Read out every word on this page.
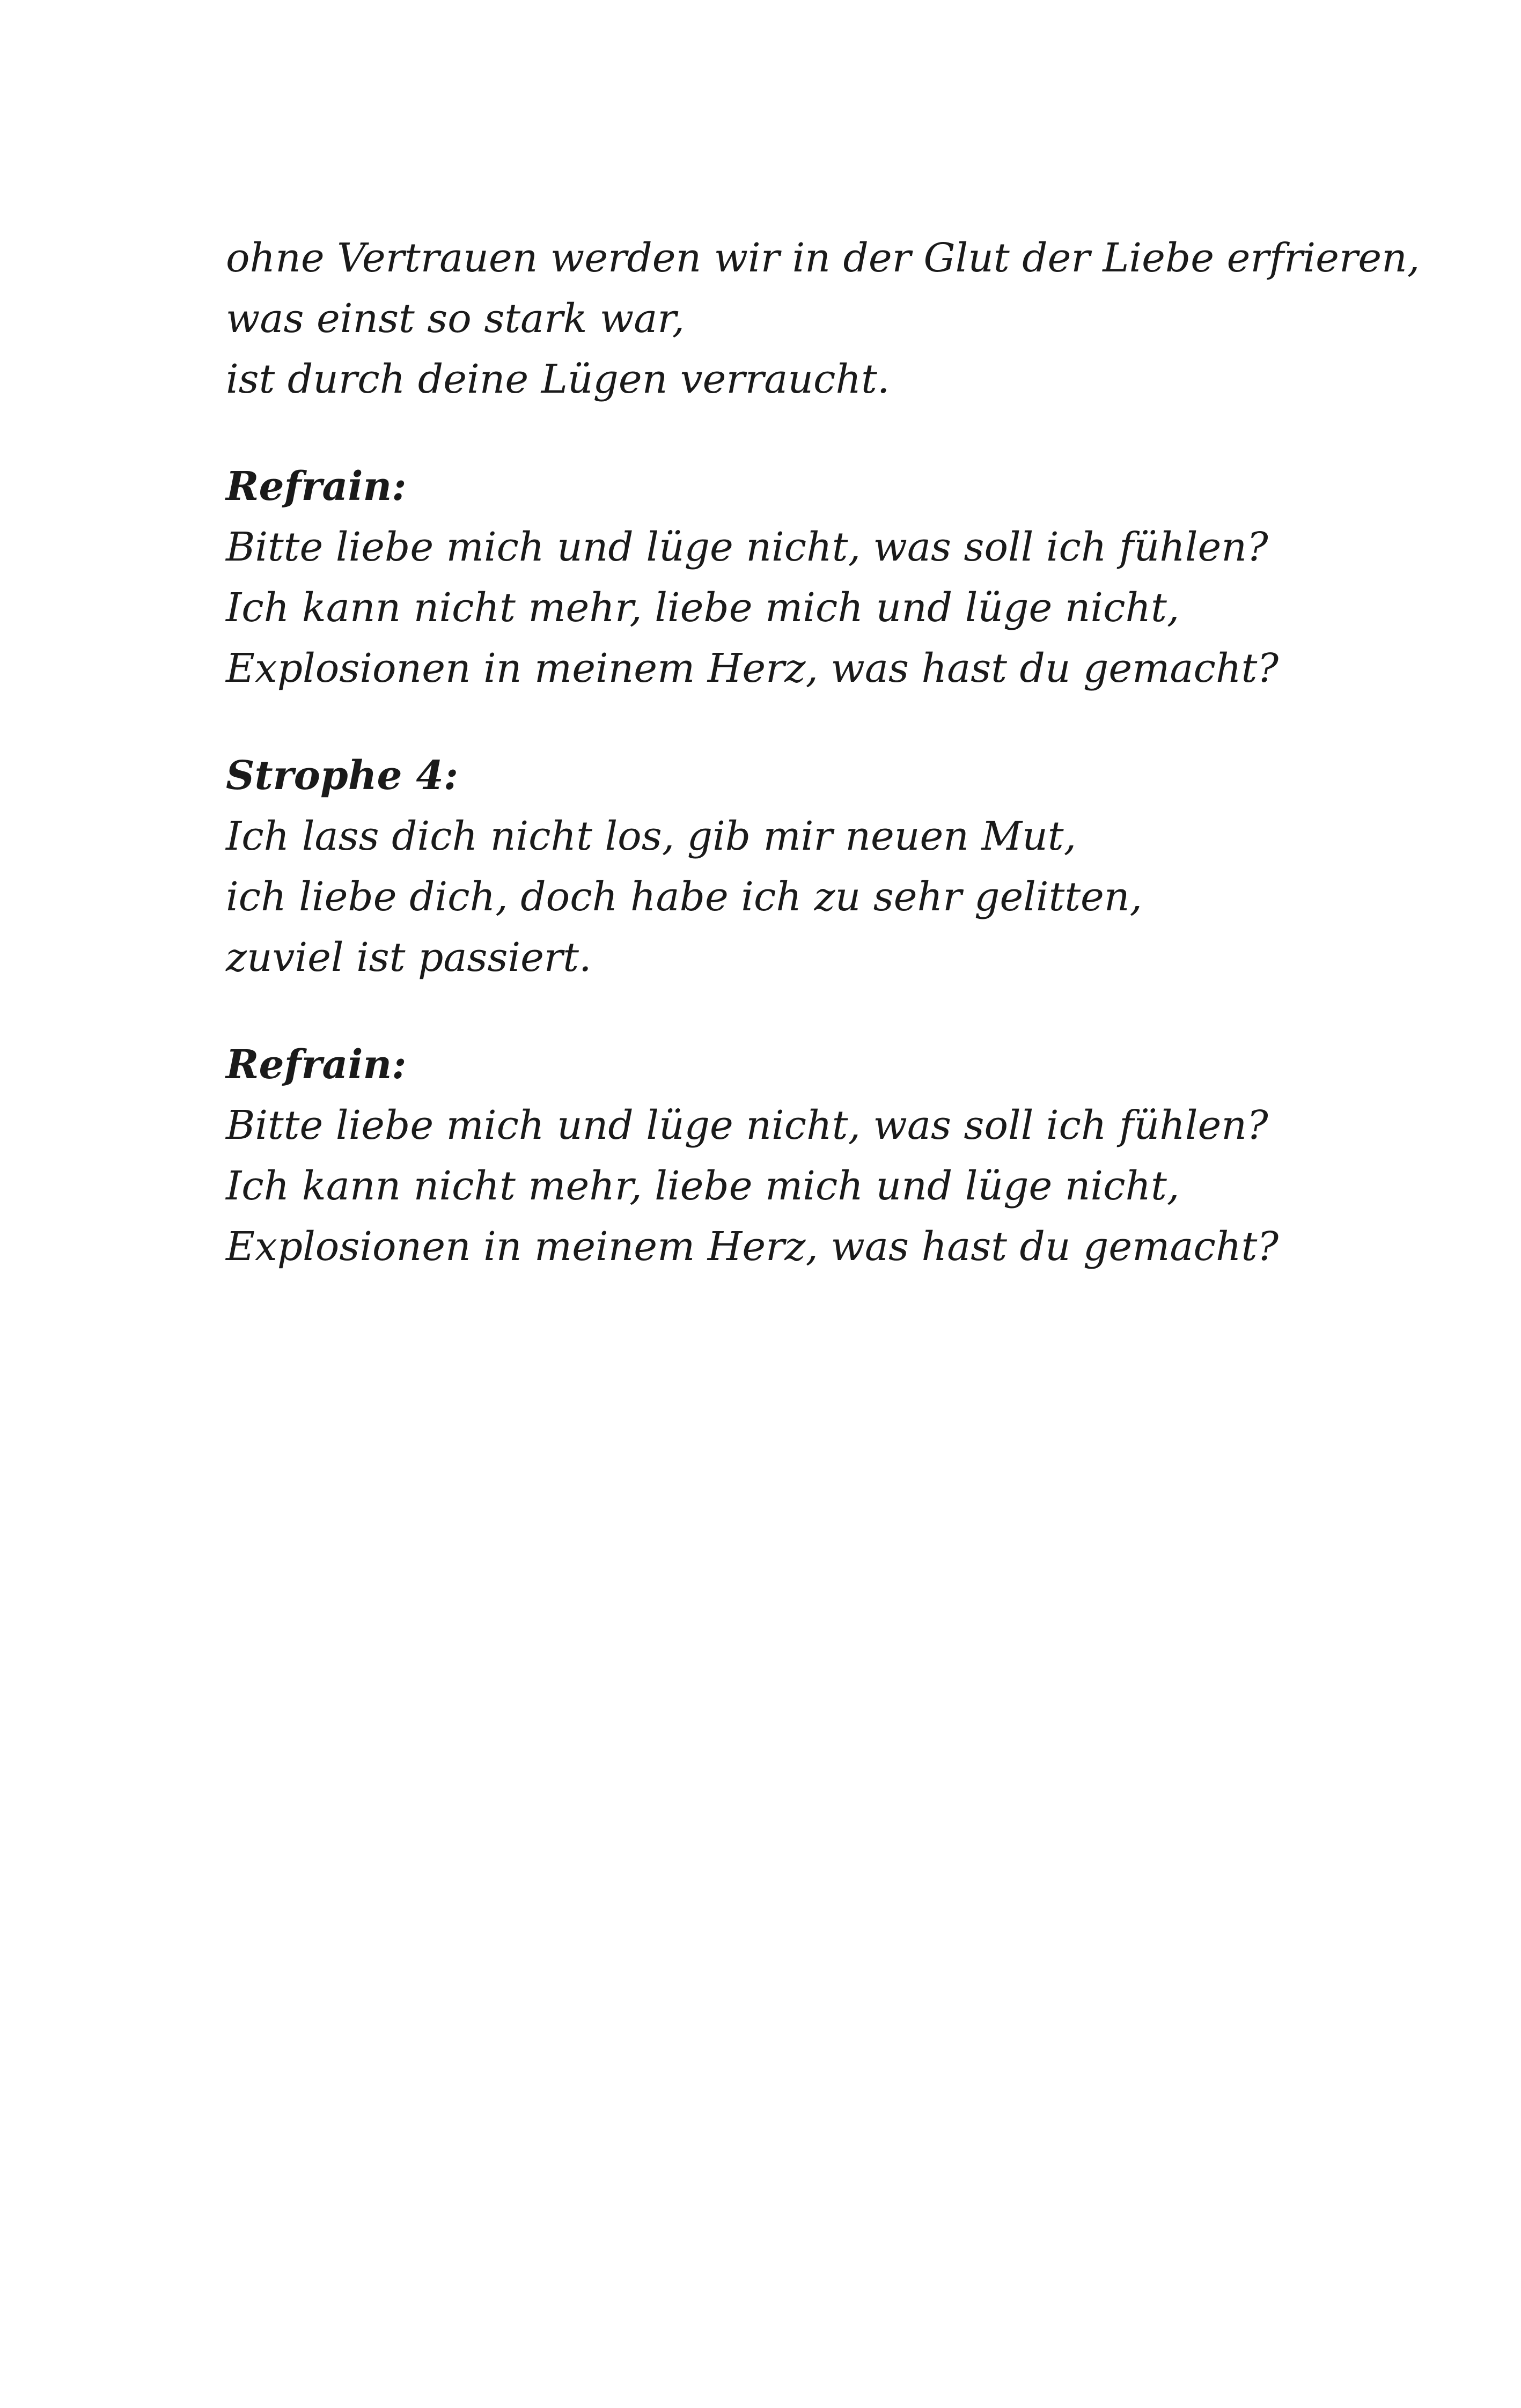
ohne Vertrauen werden wir in der Glut der Liebe erfrieren,
was einst so stark war,
ist durch deine Lügen verraucht.
Refrain:
Bitte liebe mich und lüge nicht, was soll ich fühlen?
Ich kann nicht mehr, liebe mich und lüge nicht,
Explosionen in meinem Herz, was hast du gemacht?
Strophe 4:
Ich lass dich nicht los, gib mir neuen Mut,
ich liebe dich, doch habe ich zu sehr gelitten,
zuviel ist passiert.
Refrain:
Bitte liebe mich und lüge nicht, was soll ich fühlen?
Ich kann nicht mehr, liebe mich und lüge nicht,
Explosionen in meinem Herz, was hast du gemacht?
